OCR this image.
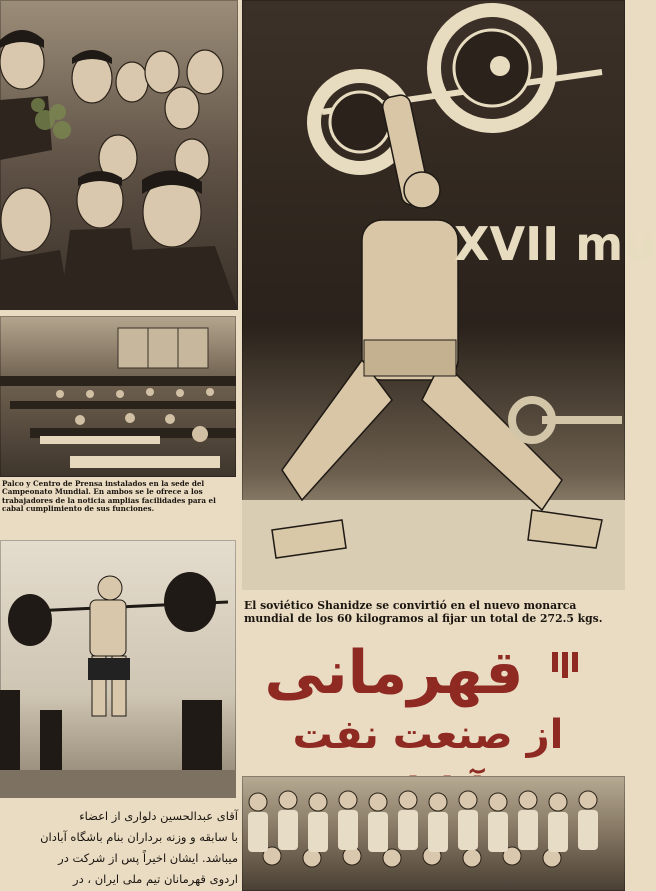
Palco y Centro de Prensa instalados en la sede del Campeonato Mundial. En ambos se le ofrece a los trabajadores de la noticia amplias facilidades para el cabal cumplimiento de sus funciones.
XVII mu
El soviético Shanidze se convirtió en el nuevo monarca mundial de los 60 kilogramos al fijar un total de 272.5 kgs.
قهرمانی
از صنعت نفت
آقای عبدالحسین دلواری از اعضاء
با سابقه و وزنه برداران بنام باشگاه آبادان
میباشد. ایشان اخیراً پس از شرکت در
اردوی قهرمانان تیم ملی ایران ، در
